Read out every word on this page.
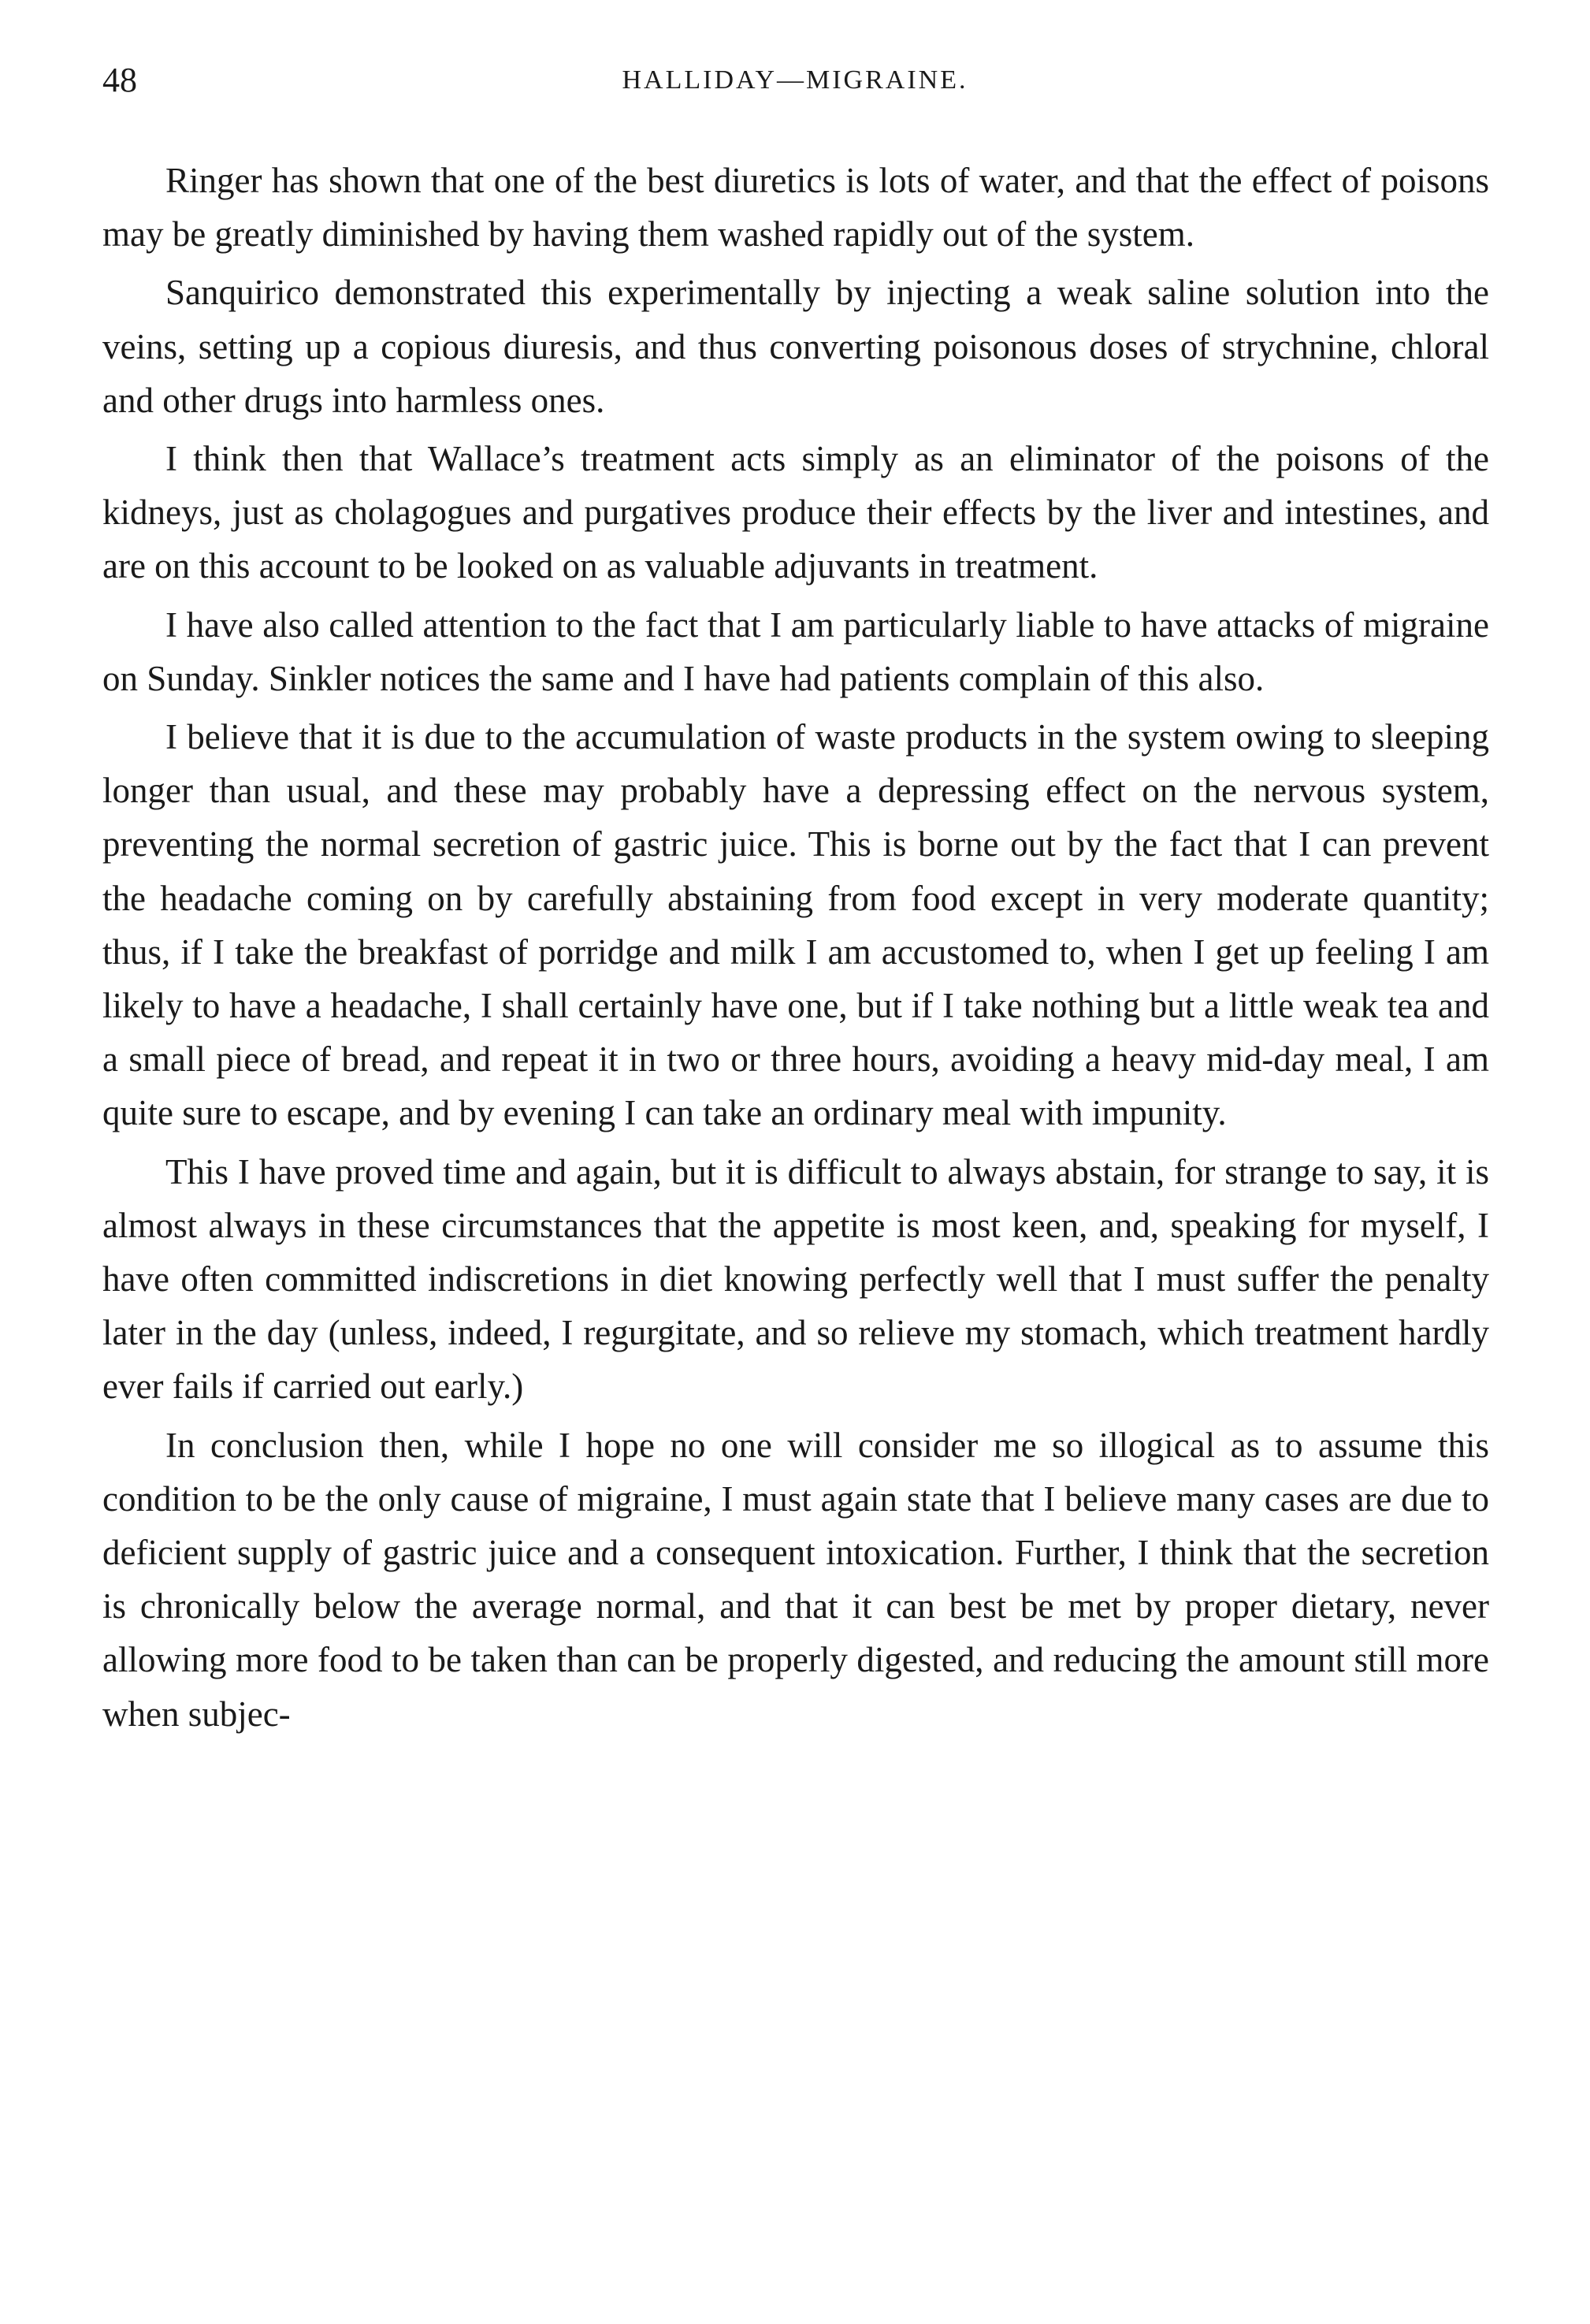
48	HALLIDAY—MIGRAINE.

Ringer has shown that one of the best diuretics is lots of water, and that the effect of poisons may be greatly diminished by having them washed rapidly out of the system.

Sanquirico demonstrated this experimentally by injecting a weak saline solution into the veins, setting up a copious diuresis, and thus converting poisonous doses of strychnine, chloral and other drugs into harmless ones.

I think then that Wallace’s treatment acts simply as an eliminator of the poisons of the kidneys, just as cholagogues and purgatives produce their effects by the liver and intestines, and are on this account to be looked on as valuable adjuvants in treatment.

I have also called attention to the fact that I am particularly liable to have attacks of migraine on Sunday. Sinkler notices the same and I have had patients complain of this also.

I believe that it is due to the accumulation of waste products in the system owing to sleeping longer than usual, and these may probably have a depressing effect on the nervous system, preventing the normal secretion of gastric juice. This is borne out by the fact that I can prevent the headache coming on by carefully abstaining from food except in very moderate quantity; thus, if I take the breakfast of porridge and milk I am accustomed to, when I get up feeling I am likely to have a headache, I shall certainly have one, but if I take nothing but a little weak tea and a small piece of bread, and repeat it in two or three hours, avoiding a heavy mid-day meal, I am quite sure to escape, and by evening I can take an ordinary meal with impunity.

This I have proved time and again, but it is difficult to always abstain, for strange to say, it is almost always in these circumstances that the appetite is most keen, and, speaking for myself, I have often committed indiscretions in diet knowing perfectly well that I must suffer the penalty later in the day (unless, indeed, I regurgitate, and so relieve my stomach, which treatment hardly ever fails if carried out early.)

In conclusion then, while I hope no one will consider me so illogical as to assume this condition to be the only cause of migraine, I must again state that I believe many cases are due to deficient supply of gastric juice and a consequent intoxication. Further, I think that the secretion is chronically below the average normal, and that it can best be met by proper dietary, never allowing more food to be taken than can be properly digested, and reducing the amount still more when subjec-
